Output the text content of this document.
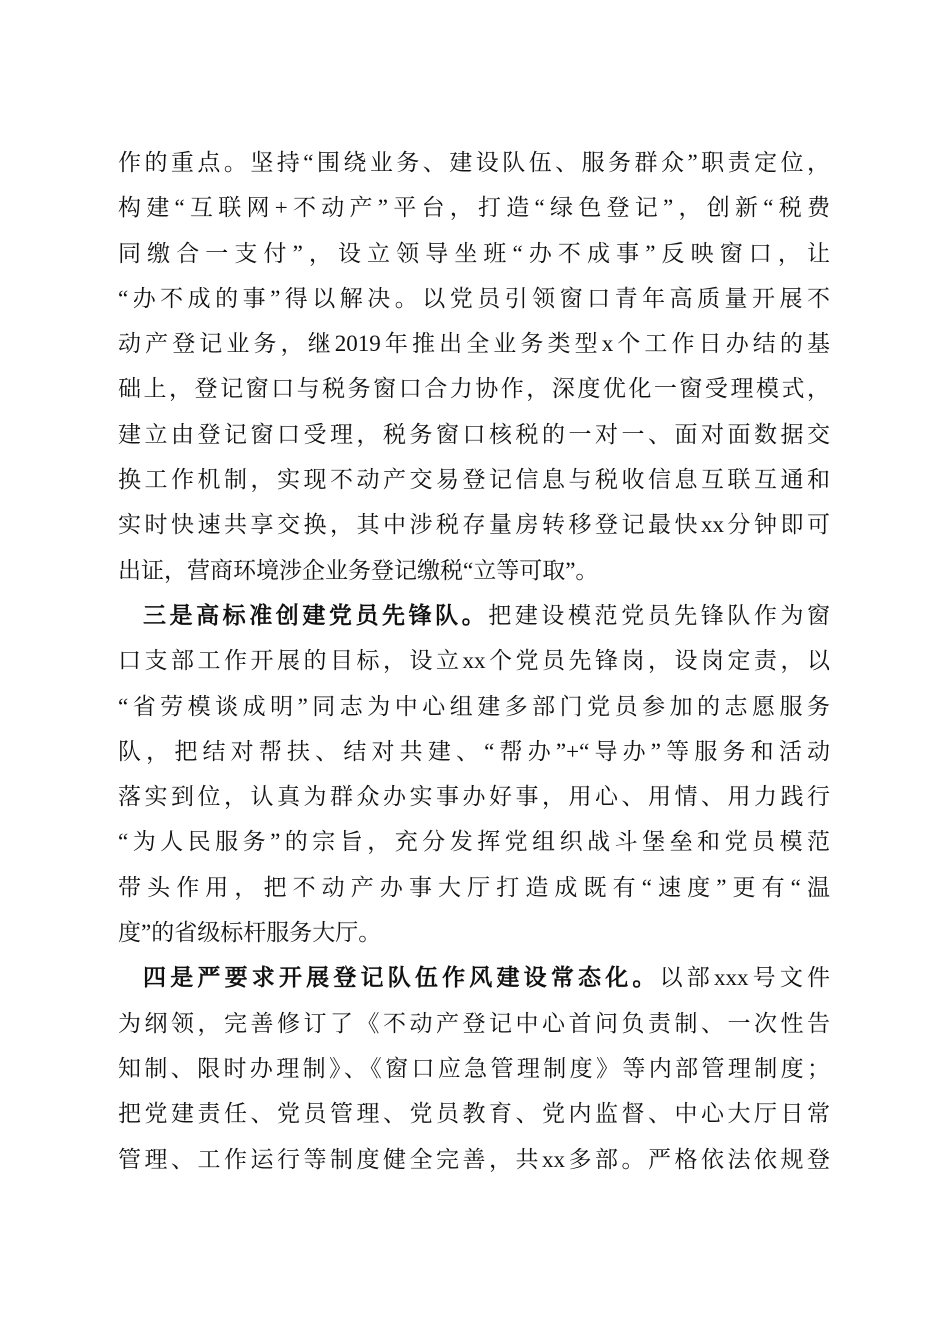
作的重点。坚持“围绕业务、建设队伍、服务群众”职责定位，
构建“互联网+不动产”平台，打造“绿色登记”，创新“税费
同缴合一支付”，设立领导坐班“办不成事”反映窗口，让
“办不成的事”得以解决。以党员引领窗口青年高质量开展不
动产登记业务，继2019年推出全业务类型x个工作日办结的基
础上，登记窗口与税务窗口合力协作，深度优化一窗受理模式，
建立由登记窗口受理，税务窗口核税的一对一、面对面数据交
换工作机制，实现不动产交易登记信息与税收信息互联互通和
实时快速共享交换，其中涉税存量房转移登记最快xx分钟即可
出证，营商环境涉企业务登记缴税“立等可取”。
三是高标准创建党员先锋队。把建设模范党员先锋队作为窗
口支部工作开展的目标，设立xx个党员先锋岗，设岗定责，以
“省劳模谈成明”同志为中心组建多部门党员参加的志愿服务
队，把结对帮扶、结对共建、“帮办”+“导办”等服务和活动
落实到位，认真为群众办实事办好事，用心、用情、用力践行
“为人民服务”的宗旨，充分发挥党组织战斗堡垒和党员模范
带头作用，把不动产办事大厅打造成既有“速度”更有“温
度”的省级标杆服务大厅。
四是严要求开展登记队伍作风建设常态化。以部xxx号文件
为纲领，完善修订了《不动产登记中心首问负责制、一次性告
知制、限时办理制》、《窗口应急管理制度》等内部管理制度；
把党建责任、党员管理、党员教育、党内监督、中心大厅日常
管理、工作运行等制度健全完善，共xx多部。严格依法依规登
